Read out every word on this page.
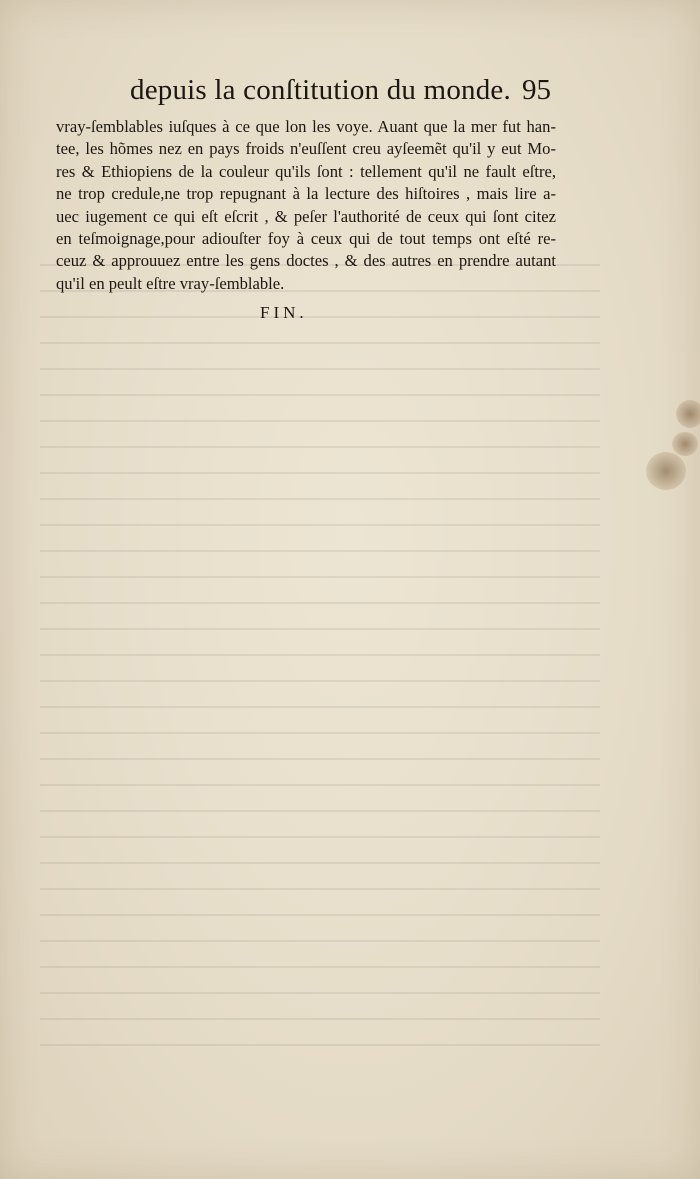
depuis la conſtitution du monde. 95
vray-ſemblables iuſques à ce que lon les voye. Auant que la mer fut han-
tee, les hõmes nez en pays froids n'euſſent creu ayſeemẽt qu'il y eut Mo-
res & Ethiopiens de la couleur qu'ils ſont : tellement qu'il ne fault eſtre,
ne trop credule,ne trop repugnant à la lecture des hiſtoires , mais lire a-
uec iugement ce qui eſt eſcrit , & peſer l'authorité de ceux qui ſont citez
en teſmoignage,pour adiouſter foy à ceux qui de tout temps ont eſté re-
ceuz & approuuez entre les gens doctes , & des autres en prendre autant
qu'il en peult eſtre vray-ſemblable.
FIN.
